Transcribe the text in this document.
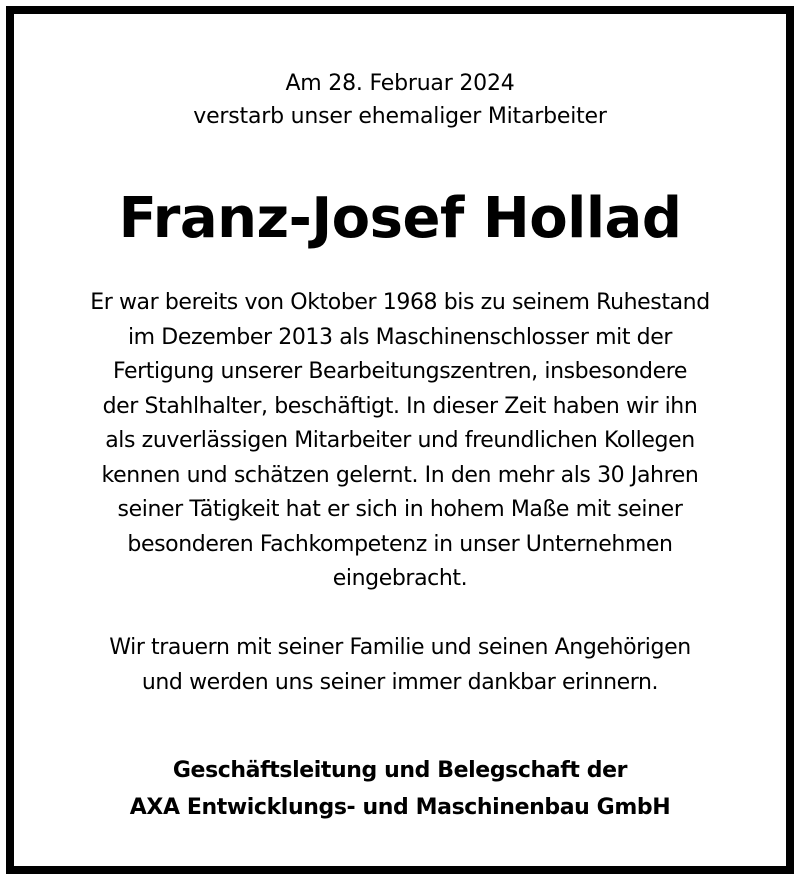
Am 28. Februar 2024
verstarb unser ehemaliger Mitarbeiter
Franz-Josef Hollad
Er war bereits von Oktober 1968 bis zu seinem Ruhestand
im Dezember 2013 als Maschinenschlosser mit der
Fertigung unserer Bearbeitungszentren, insbesondere
der Stahlhalter, beschäftigt. In dieser Zeit haben wir ihn
als zuverlässigen Mitarbeiter und freundlichen Kollegen
kennen und schätzen gelernt. In den mehr als 30 Jahren
seiner Tätigkeit hat er sich in hohem Maße mit seiner
besonderen Fachkompetenz in unser Unternehmen
eingebracht.
Wir trauern mit seiner Familie und seinen Angehörigen
und werden uns seiner immer dankbar erinnern.
Geschäftsleitung und Belegschaft der
AXA Entwicklungs- und Maschinenbau GmbH
